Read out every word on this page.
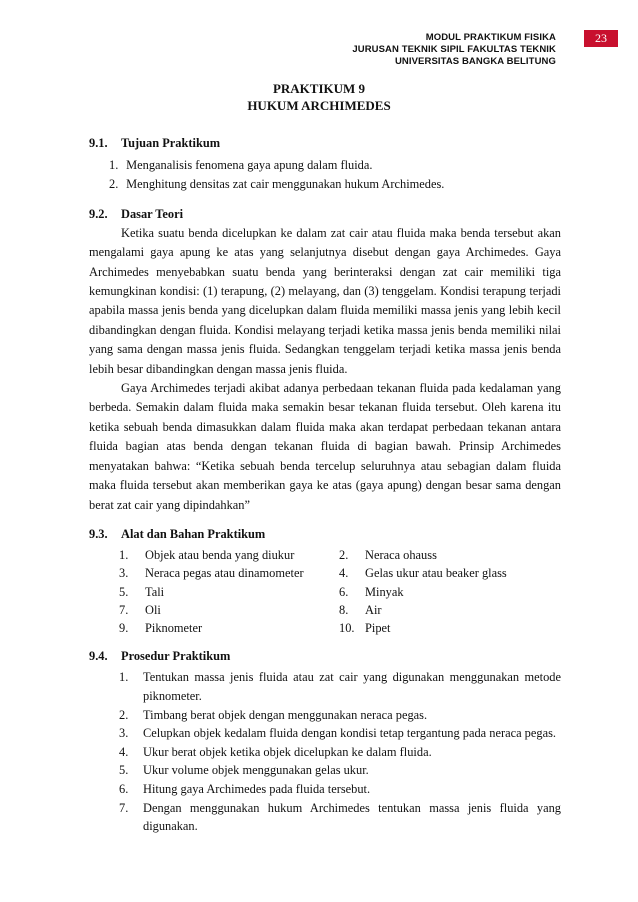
MODUL PRAKTIKUM FISIKA
JURUSAN TEKNIK SIPIL FAKULTAS TEKNIK
UNIVERSITAS BANGKA BELITUNG
23
PRAKTIKUM 9
HUKUM ARCHIMEDES
9.1. Tujuan Praktikum
1.
Menganalisis fenomena gaya apung dalam fluida.
2.
Menghitung densitas zat cair menggunakan hukum Archimedes.
9.2. Dasar Teori

Ketika suatu benda dicelupkan ke dalam zat cair atau fluida maka benda tersebut akan mengalami gaya apung ke atas yang selanjutnya disebut dengan gaya Archimedes. Gaya Archimedes menyebabkan suatu benda yang berinteraksi dengan zat cair memiliki tiga kemungkinan kondisi: (1) terapung, (2) melayang, dan (3) tenggelam. Kondisi terapung terjadi apabila massa jenis benda yang dicelupkan dalam fluida memiliki massa jenis yang lebih kecil dibandingkan dengan fluida. Kondisi melayang terjadi ketika massa jenis benda memiliki nilai yang sama dengan massa jenis fluida. Sedangkan tenggelam terjadi ketika massa jenis benda lebih besar dibandingkan dengan massa jenis fluida.

Gaya Archimedes terjadi akibat adanya perbedaan tekanan fluida pada kedalaman yang berbeda. Semakin dalam fluida maka semakin besar tekanan fluida tersebut. Oleh karena itu ketika sebuah benda dimasukkan dalam fluida maka akan terdapat perbedaan tekanan antara fluida bagian atas benda dengan tekanan fluida di bagian bawah. Prinsip Archimedes menyatakan bahwa: “Ketika sebuah benda tercelup seluruhnya atau sebagian dalam fluida maka fluida tersebut akan memberikan gaya ke atas (gaya apung) dengan besar sama dengan berat zat cair yang dipindahkan”

9.3. Alat dan Bahan Praktikum
1.	Objek atau benda yang diukur	2.	Neraca ohauss
3.	Neraca pegas atau dinamometer	4.	Gelas ukur atau beaker glass
5.	Tali	6.	Minyak
7.	Oli	8.	Air
9.	Piknometer	10. Pipet
9.4. Prosedur Praktikum
1.	Tentukan massa jenis fluida atau zat cair yang digunakan menggunakan metode piknometer.
2.	Timbang berat objek dengan menggunakan neraca pegas.
3.	Celupkan objek kedalam fluida dengan kondisi tetap tergantung pada neraca pegas.
4.	Ukur berat objek ketika objek dicelupkan ke dalam fluida.
5.	Ukur volume objek menggunakan gelas ukur.
6.	Hitung gaya Archimedes pada fluida tersebut.
7.	Dengan menggunakan hukum Archimedes tentukan massa jenis fluida yang digunakan.
